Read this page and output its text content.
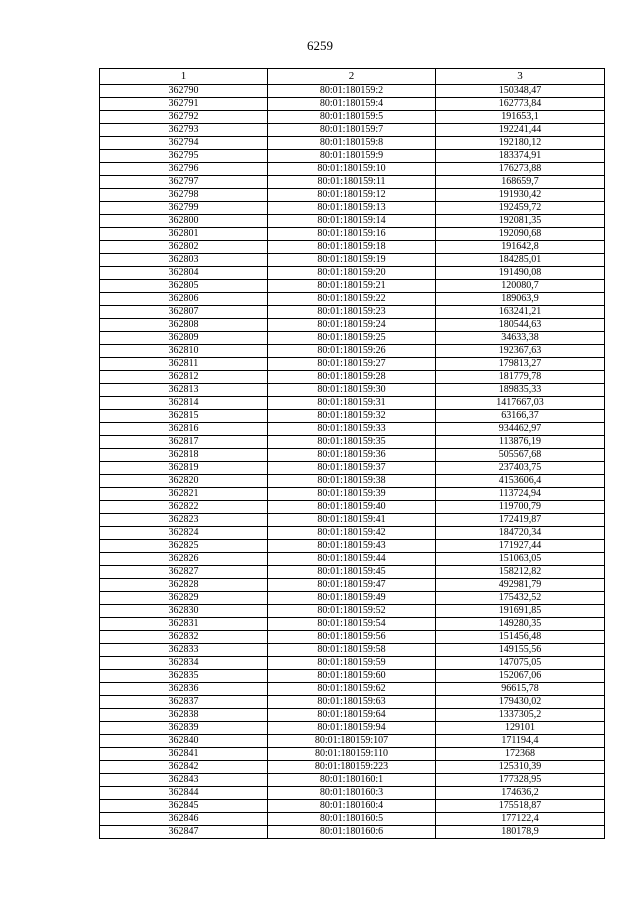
6259
1	2	3
362790	80:01:180159:2	150348,47
362791	80:01:180159:4	162773,84
362792	80:01:180159:5	191653,1
362793	80:01:180159:7	192241,44
362794	80:01:180159:8	192180,12
362795	80:01:180159:9	183374,91
362796	80:01:180159:10	176273,88
362797	80:01:180159:11	168659,7
362798	80:01:180159:12	191930,42
362799	80:01:180159:13	192459,72
362800	80:01:180159:14	192081,35
362801	80:01:180159:16	192090,68
362802	80:01:180159:18	191642,8
362803	80:01:180159:19	184285,01
362804	80:01:180159:20	191490,08
362805	80:01:180159:21	120080,7
362806	80:01:180159:22	189063,9
362807	80:01:180159:23	163241,21
362808	80:01:180159:24	180544,63
362809	80:01:180159:25	34633,38
362810	80:01:180159:26	192367,63
362811	80:01:180159:27	179813,27
362812	80:01:180159:28	181779,78
362813	80:01:180159:30	189835,33
362814	80:01:180159:31	1417667,03
362815	80:01:180159:32	63166,37
362816	80:01:180159:33	934462,97
362817	80:01:180159:35	113876,19
362818	80:01:180159:36	505567,68
362819	80:01:180159:37	237403,75
362820	80:01:180159:38	4153606,4
362821	80:01:180159:39	113724,94
362822	80:01:180159:40	119700,79
362823	80:01:180159:41	172419,87
362824	80:01:180159:42	184720,34
362825	80:01:180159:43	171927,44
362826	80:01:180159:44	151063,05
362827	80:01:180159:45	158212,82
362828	80:01:180159:47	492981,79
362829	80:01:180159:49	175432,52
362830	80:01:180159:52	191691,85
362831	80:01:180159:54	149280,35
362832	80:01:180159:56	151456,48
362833	80:01:180159:58	149155,56
362834	80:01:180159:59	147075,05
362835	80:01:180159:60	152067,06
362836	80:01:180159:62	96615,78
362837	80:01:180159:63	179430,02
362838	80:01:180159:64	1337305,2
362839	80:01:180159:94	129101
362840	80:01:180159:107	171194,4
362841	80:01:180159:110	172368
362842	80:01:180159:223	125310,39
362843	80:01:180160:1	177328,95
362844	80:01:180160:3	174636,2
362845	80:01:180160:4	175518,87
362846	80:01:180160:5	177122,4
362847	80:01:180160:6	180178,9
